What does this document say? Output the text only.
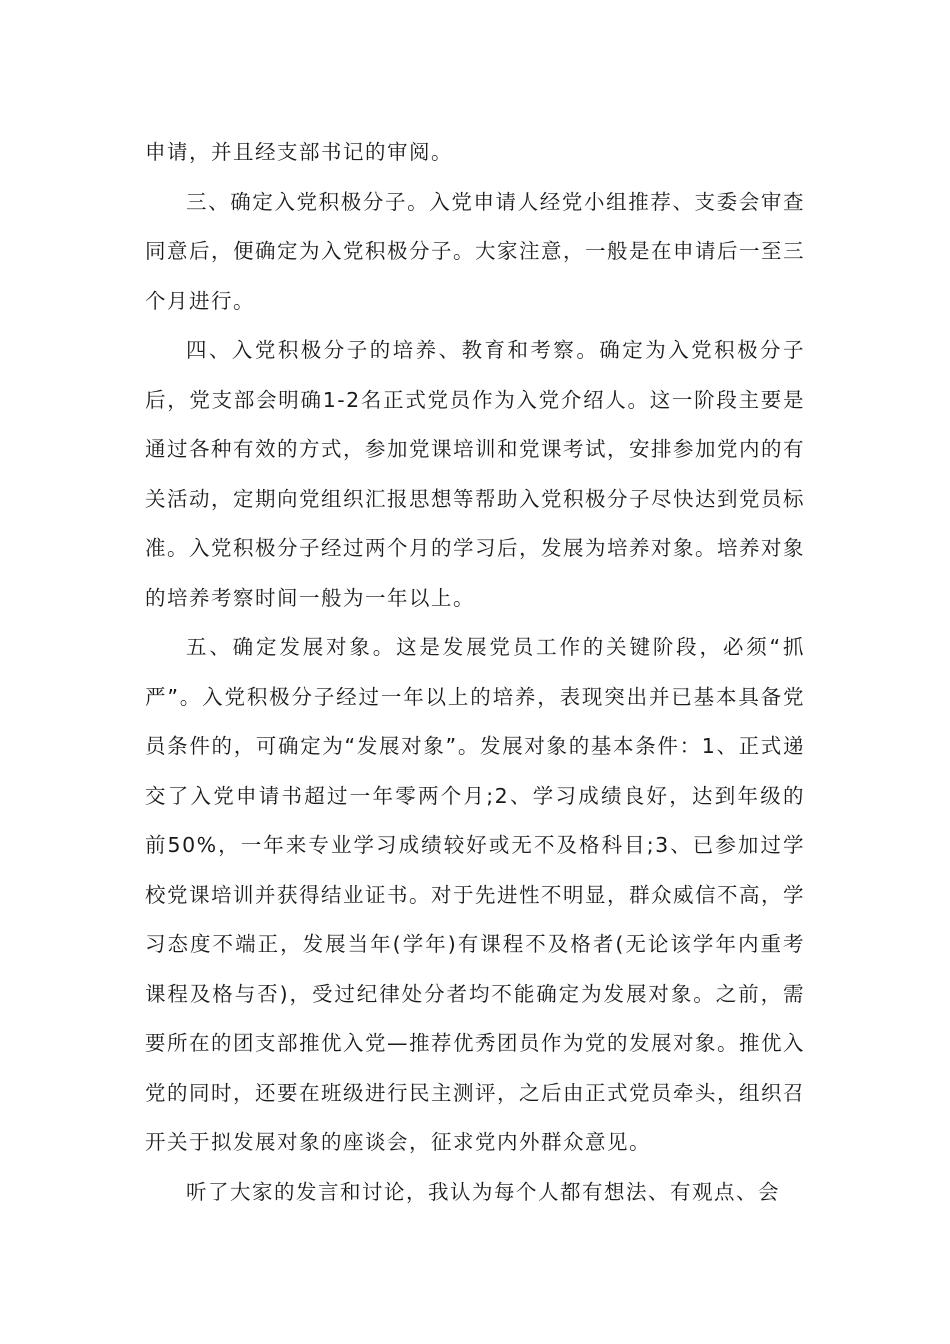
申请，并且经支部书记的审阅。

三、确定入党积极分子。入党申请人经党小组推荐、支委会审查同意后，便确定为入党积极分子。大家注意，一般是在申请后一至三个月进行。

四、入党积极分子的培养、教育和考察。确定为入党积极分子后，党支部会明确1-2名正式党员作为入党介绍人。这一阶段主要是通过各种有效的方式，参加党课培训和党课考试，安排参加党内的有关活动，定期向党组织汇报思想等帮助入党积极分子尽快达到党员标准。入党积极分子经过两个月的学习后，发展为培养对象。培养对象的培养考察时间一般为一年以上。

五、确定发展对象。这是发展党员工作的关键阶段，必须“抓严”。入党积极分子经过一年以上的培养，表现突出并已基本具备党员条件的，可确定为“发展对象”。发展对象的基本条件：1、正式递交了入党申请书超过一年零两个月;2、学习成绩良好，达到年级的前50%，一年来专业学习成绩较好或无不及格科目;3、已参加过学校党课培训并获得结业证书。对于先进性不明显，群众威信不高，学习态度不端正，发展当年(学年)有课程不及格者(无论该学年内重考课程及格与否)，受过纪律处分者均不能确定为发展对象。之前，需要所在的团支部推优入党—推荐优秀团员作为党的发展对象。推优入党的同时，还要在班级进行民主测评，之后由正式党员牵头，组织召开关于拟发展对象的座谈会，征求党内外群众意见。

听了大家的发言和讨论，我认为每个人都有想法、有观点、会
